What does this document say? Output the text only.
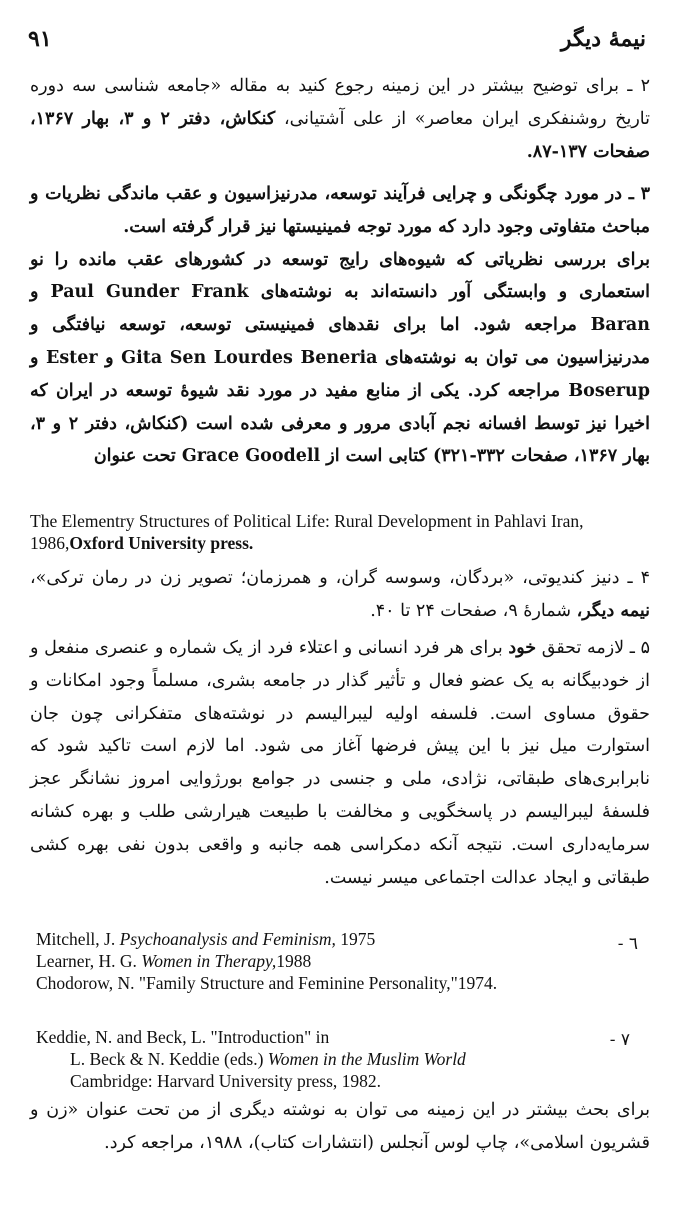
نیمهٔ دیگر
۹۱

۲ ـ برای توضیح بیشتر در این زمینه رجوع کنید به مقاله «جامعه شناسی سه دوره تاریخ روشنفکری ایران معاصر» از علی آشتیانی، کنکاش، دفتر ۲ و ۳، بهار ۱۳۶۷، صفحات ۱۳۷-۸۷.

۳ ـ در مورد چگونگی و چرایی فرآیند توسعه، مدرنیزاسیون و عقب ماندگی نظریات و مباحث متفاوتی وجود دارد که مورد توجه فمینیستها نیز قرار گرفته است.

برای بررسی نظریاتی که شیوه‌های رایج توسعه در کشورهای عقب مانده را نو استعماری و وابستگی آور دانسته‌اند به نوشته‌های Gunder Frank و Paul Baran مراجعه شود. اما برای نقدهای فمینیستی توسعه، توسعه نیافتگی و مدرنیزاسیون می توان به نوشته‌های Lourdes Beneria و Gita Sen و Ester Boserup مراجعه کرد. یکی از منابع مفید در مورد نقد شیوهٔ توسعه در ایران که اخیرا نیز توسط افسانه نجم آبادی مرور و معرفی شده است (کنکاش، دفتر ۲ و ۳، بهار ۱۳۶۷، صفحات ۳۳۲-۳۲۱) کتابی است از Grace Goodell تحت عنوان

The Elementry Structures of Political Life: Rural Development in Pahlavi Iran, 1986,Oxford University press.

۴ ـ دنیز کندیوتی، «بردگان، وسوسه گران، و همرزمان؛ تصویر زن در رمان ترکی»، نیمه دیگر، شمارهٔ ۹، صفحات ۲۴ تا ۴۰.

۵ ـ لازمه تحقق خود برای هر فرد انسانی و اعتلاء فرد از یک شماره و عنصری منفعل و از خودبیگانه به یک عضو فعال و تأثیر گذار در جامعه بشری، مسلماً وجود امکانات و حقوق مساوی است. فلسفه اولیه لیبرالیسم در نوشته‌های متفکرانی چون جان استوارت میل نیز با این پیش فرضها آغاز می شود. اما لازم است تاکید شود که نابرابری‌های طبقاتی، نژادی، ملی و جنسی در جوامع بورژوایی امروز نشانگر عجز فلسفهٔ لیبرالیسم در پاسخگویی و مخالفت با طبیعت هیرارشی طلب و بهره کشانه سرمایه‌داری است. نتیجه آنکه دمکراسی همه جانبه و واقعی بدون نفی بهره کشی طبقاتی و ایجاد عدالت اجتماعی میسر نیست.

٦ -

Mitchell, J. Psychoanalysis and Feminism, 1975

Learner, H. G. Women in Therapy,1988

Chodorow, N. "Family Structure and Feminine Personality,"1974.

٧ -

Keddie, N. and Beck, L. "Introduction" in

L. Beck & N. Keddie (eds.) Women in the Muslim World

Cambridge: Harvard University press, 1982.

برای بحث بیشتر در این زمینه می توان به نوشته دیگری از من تحت عنوان «زن و قشریون اسلامی»، چاپ لوس آنجلس (انتشارات کتاب)، ۱۹۸۸، مراجعه کرد.
